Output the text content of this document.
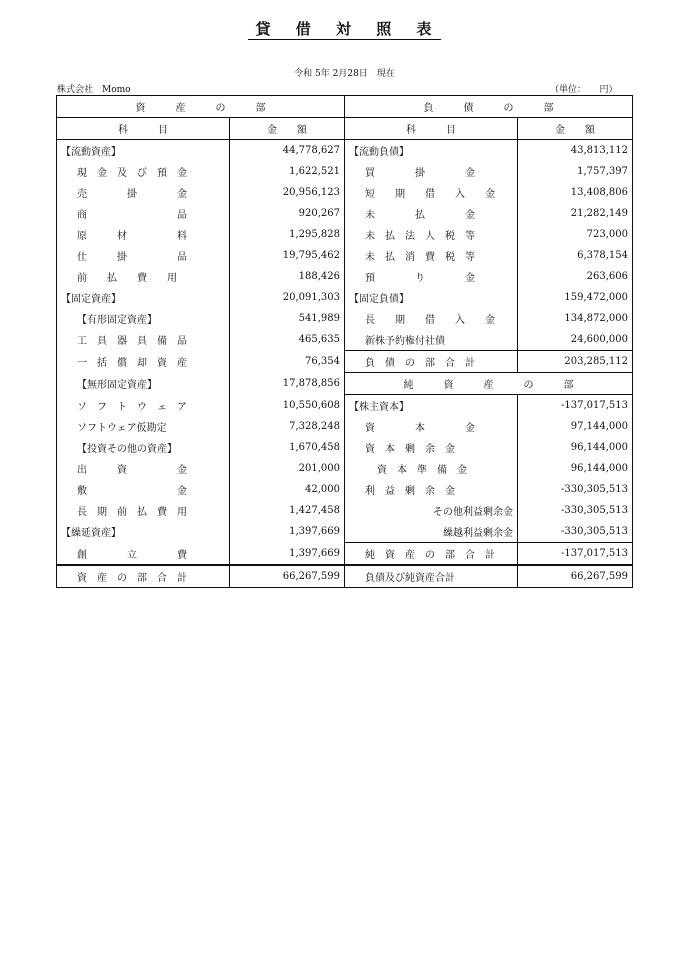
貸 借 対 照 表
令和 5年 2月28日　現在
株式会社　Momo	（単位：　　円）
資　　　産　　　の　　　部		負　　　債　　　の　　　部	
科　　　目	金　　額	科　　　目	金　　額
【流動資産】	44,778,627	【流動負債】	43,813,112
現　金　及　び　預　金	1,622,521	買　　　　掛　　　　金	1,757,397
売　　　　掛　　　　金	20,956,123	短　　期　　借　　入　　金	13,408,806
商　　　　　　　　　品	920,267	未　　　　払　　　　金	21,282,149
原　　　材　　　　　料	1,295,828	未　払　法　人　税　等	723,000
仕　　　掛　　　　　品	19,795,462	未　払　消　費　税　等	6,378,154
前　　払　　費　　用	188,426	預　　　　り　　　　金	263,606
【固定資産】	20,091,303	【固定負債】	159,472,000
【有形固定資産】	541,989	長　　期　　借　　入　　金	134,872,000
工　具　器　具　備　品	465,635	新株予約権付社債	24,600,000
一　括　償　却　資　産	76,354	負　債　の　部　合　計	203,285,112
【無形固定資産】	17,878,856	純　　　資　　　産　　　の　　　部	
ソ　フ　ト　ウ　ェ　ア	10,550,608	【株主資本】	-137,017,513
ソフトウェア仮勘定	7,328,248	資　　　　本　　　　金	97,144,000
【投資その他の資産】	1,670,458	資　本　剰　余　金	96,144,000
出　　　資　　　　　金	201,000	資　本　準　備　金	96,144,000
敷　　　　　　　　　金	42,000	利　益　剰　余　金	-330,305,513
長　期　前　払　費　用	1,427,458	その他利益剰余金	-330,305,513
【繰延資産】	1,397,669	繰越利益剰余金	-330,305,513
創　　　　立　　　　費	1,397,669	純　資　産　の　部　合　計	-137,017,513
資　産　の　部　合　計	66,267,599	負債及び純資産合計	66,267,599
